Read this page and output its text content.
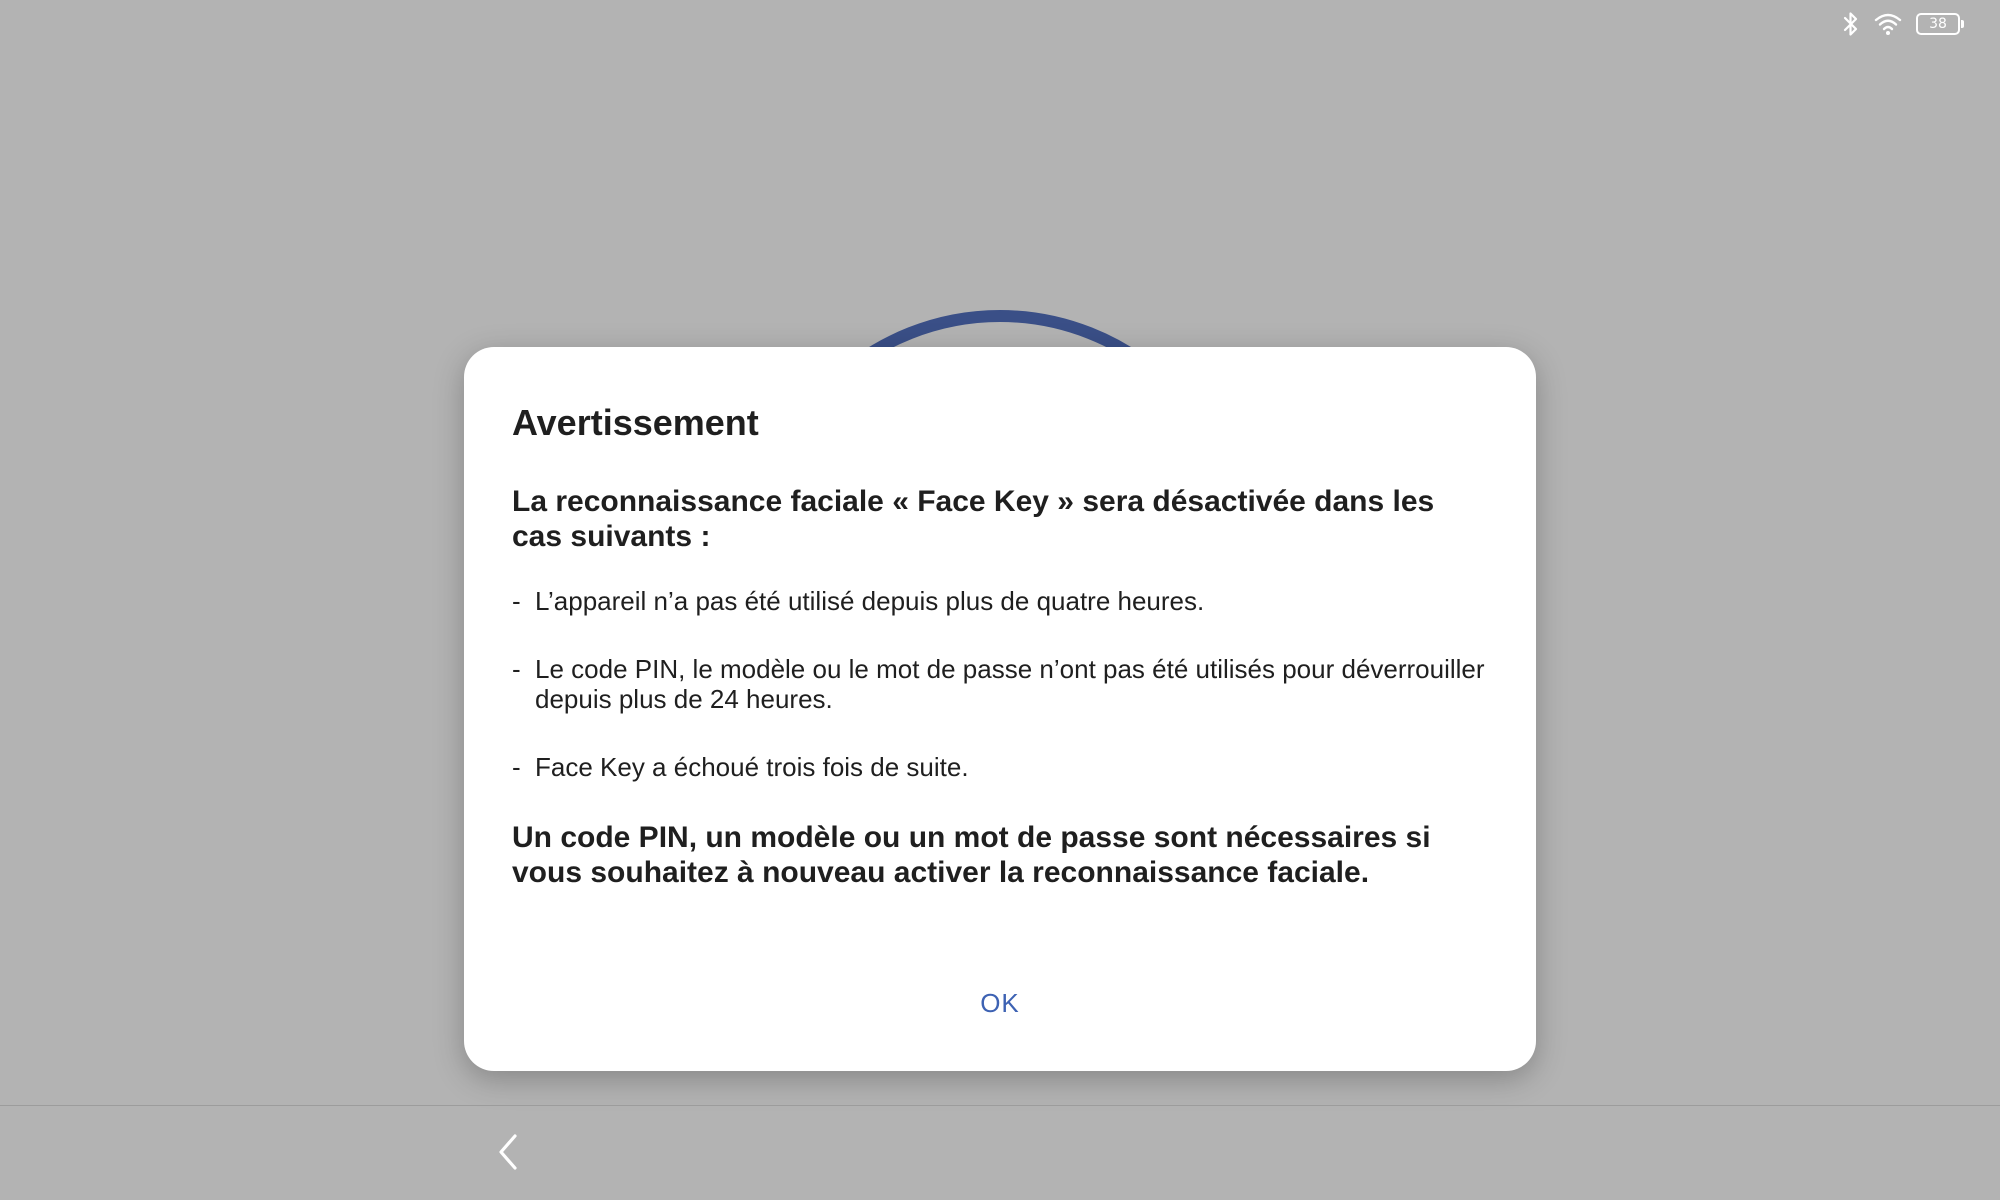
38
Avertissement
La reconnaissance faciale « Face Key » sera désactivée dans les cas suivants :
- L’appareil n’a pas été utilisé depuis plus de quatre heures.
- Le code PIN, le modèle ou le mot de passe n’ont pas été utilisés pour déverrouiller depuis plus de 24 heures.
- Face Key a échoué trois fois de suite.
Un code PIN, un modèle ou un mot de passe sont nécessaires si vous souhaitez à nouveau activer la reconnaissance faciale.
OK
